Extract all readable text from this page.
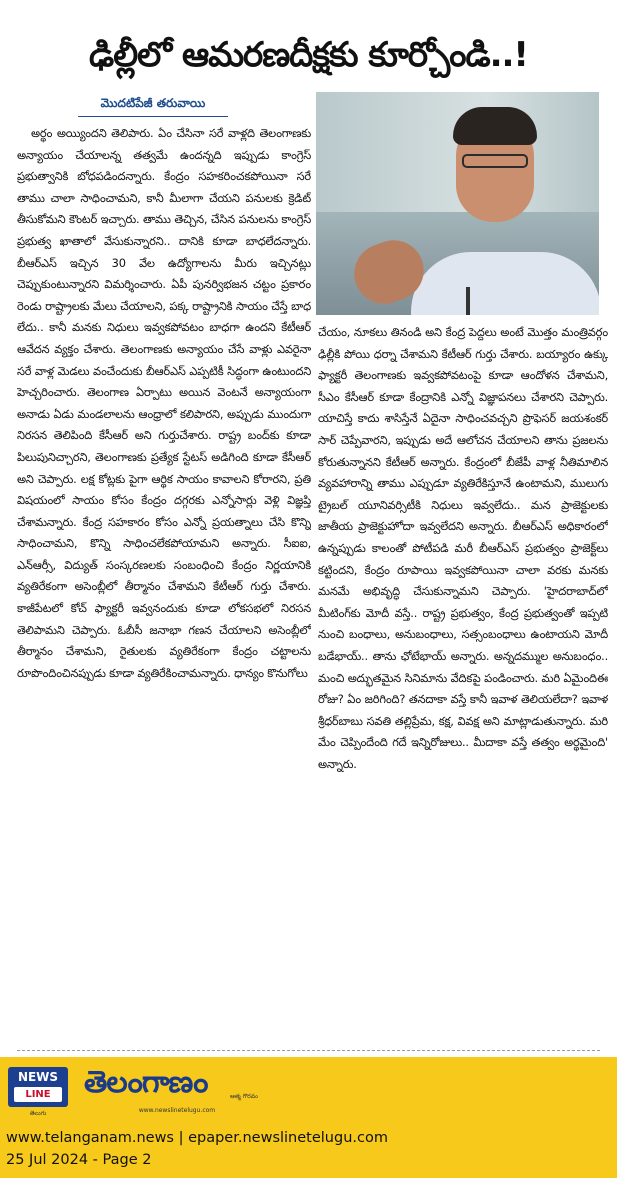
ఢిల్లీలో ఆమరణదీక్షకు కూర్చోండి..!
మొదటిపేజీ తరువాయి
అర్థం అయ్యిందని తెలిపారు. ఏం చేసినా సరే వాళ్లది తెలంగాణకు అన్యాయం చేయాలన్న తత్వమే ఉందన్నది ఇప్పుడు కాంగ్రెస్ ప్రభుత్వానికి బోధపడిందన్నారు. కేంద్రం సహకరించకపోయినా సరే తాము చాలా సాధించామని, కానీ మీలాగా చేయని పనులకు క్రెడిట్ తీసుకోమని కౌంటర్ ఇచ్చారు. తాము తెచ్చిన, చేసిన పనులను కాంగ్రెస్ ప్రభుత్వ ఖాతాలో వేసుకున్నారని.. దానికి కూడా బాధలేదన్నారు. బీఆర్ఎస్ ఇచ్చిన 30 వేల ఉద్యోగాలను మీరు ఇచ్చినట్లు చెప్పుకుంటున్నారని విమర్శించారు. ఏపీ పునర్విభజన చట్టం ప్రకారం రెండు రాష్ట్రాలకు మేలు చేయాలని, పక్క రాష్ట్రానికి సాయం చేస్తే బాధ లేదు.. కానీ మనకు నిధులు ఇవ్వకపోవటం బాధగా ఉందని కేటీఆర్ ఆవేదన వ్యక్తం చేశారు. తెలంగాణకు అన్యాయం చేసే వాళ్లు ఎవరైనా సరే వాళ్ల మెడలు వంచేందుకు బీఆర్ఎస్ ఎప్పటికీ సిద్ధంగా ఉంటుందని హెచ్చరించారు. తెలంగాణ ఏర్పాటు అయిన వెంటనే అన్యాయంగా అనాడు ఏడు మండలాలను ఆంధ్రాలో కలిపారని, అప్పుడు ముందుగా నిరసన తెలిపింది కేసీఆర్ అని గుర్తుచేశారు. రాష్ట్ర బంద్‌కు కూడా పిలుపునిచ్చారని, తెలంగాణకు ప్రత్యేక స్టేటస్ అడిగింది కూడా కేసీఆర్ అని చెప్పారు. లక్ష కోట్లకు పైగా ఆర్థిక సాయం కావాలని కోరారని, ప్రతి విషయంలో సాయం కోసం కేంద్రం దగ్గరకు ఎన్నోసార్లు వెళ్లి విజ్ఞప్తి చేశామన్నారు. కేంద్ర సహకారం కోసం ఎన్నో ప్రయత్నాలు చేసి కొన్ని సాధించామని, కొన్ని సాధించలేకపోయామని అన్నారు. సీఐఐ, ఎన్ఆర్సీ, విద్యుత్ సంస్కరణలకు సంబంధించి కేంద్రం నిర్ణయానికి వ్యతిరేకంగా అసెంబ్లీలో తీర్మానం చేశామని కేటీఆర్ గుర్తు చేశారు. కాజీపేటలో కోచ్ ఫ్యాక్టరీ ఇవ్వనందుకు కూడా లోకసభలో నిరసన తెలిపామని చెప్పారు. ఓబీసీ జనాభా గణన చేయాలని అసెంబ్లీలో తీర్మానం చేశామని, రైతులకు వ్యతిరేకంగా కేంద్రం చట్టాలను రూపొందించినప్పుడు కూడా వ్యతిరేకించామన్నారు. ధాన్యం కొనుగోలు
చేయం, నూకలు తినండి అని కేంద్ర పెద్దలు అంటే మొత్తం మంత్రివర్గం ఢిల్లీకి పోయి ధర్నా చేశామని కేటీఆర్ గుర్తు చేశారు. బయ్యారం ఉక్కు ఫ్యాక్టరీ తెలంగాణకు ఇవ్వకపోవటంపై కూడా ఆందోళన చేశామని, సీఎం కేసీఆర్ కూడా కేంద్రానికి ఎన్నో విజ్ఞాపనలు చేశారని చెప్పారు. యాచిస్తే కాదు శాసిస్తేనే ఏదైనా సాధించవచ్చని ప్రొఫెసర్ జయశంకర్ సార్ చెప్పేవారని, ఇప్పుడు అదే ఆలోచన చేయాలని తాను ప్రజలను కోరుతున్నానని కేటీఆర్ అన్నారు. కేంద్రంలో బీజేపీ వాళ్ల నీతిమాలిన వ్యవహారాన్ని తాము ఎప్పుడూ వ్యతిరేకిస్తూనే ఉంటామని, ములుగు ట్రైబల్ యూనివర్సిటీకి నిధులు ఇవ్వలేదు.. మన ప్రాజెక్టులకు జాతీయ ప్రాజెక్టుహోదా ఇవ్వలేదని అన్నారు. బీఆర్ఎస్ అధికారంలో ఉన్నప్పుడు కాలంతో పోటీపడి మరీ బీఆర్ఎస్ ప్రభుత్వం ప్రాజెక్ట్‌లు కట్టిందని, కేంద్రం రూపాయి ఇవ్వకపోయినా చాలా వరకు మనకు మనమే అభివృద్ధి చేసుకున్నామని చెప్పారు. 'హైదరాబాద్‌లో మీటింగ్‌కు మోదీ వస్తే.. రాష్ట్ర ప్రభుత్వం, కేంద్ర ప్రభుత్వంతో ఇప్పటి నుంచి బంధాలు, అనుబంధాలు, సత్సంబంధాలు ఉంటాయని మోదీ బడేభాయ్.. తాను ఛోటేభాయ్ అన్నారు. అన్నదమ్ముల అనుబంధం.. మంచి అద్భుతమైన సినిమాను వేదికపై పండించారు. మరి ఏమైందిఈ రోజు? ఏం జరిగింది? తనదాకా వస్తే కానీ ఇవాళ తెలియలేదా? ఇవాళ శ్రీధర్‌బాబు సవతి తల్లిప్రేమ, కక్ష, వివక్ష అని మాట్లాడుతున్నారు. మరి మేం చెప్పిందేంది గదే ఇన్నిరోజులు.. మీదాకా వస్తే తత్వం అర్థమైంది' అన్నారు.
NEWS
LINE
తెలుగు
తెలంగాణం	ఆత్మ గౌరవం
www.newslinetelugu.com
www.telanganam.news | epaper.newslinetelugu.com
25 Jul 2024 - Page 2
